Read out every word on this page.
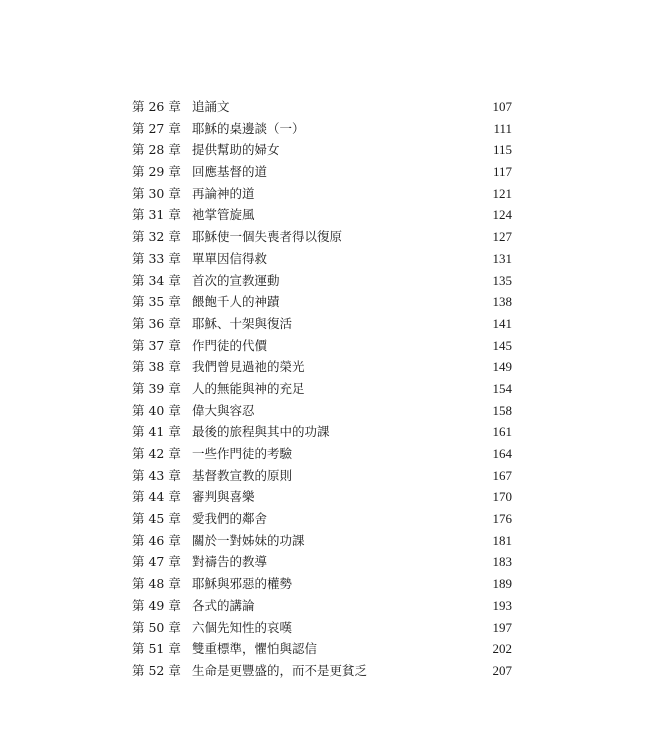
第 26 章 追誦文	107
第 27 章 耶穌的桌邊談（一）	111
第 28 章 提供幫助的婦女	115
第 29 章 回應基督的道	117
第 30 章 再論神的道	121
第 31 章 祂掌管旋風	124
第 32 章 耶穌使一個失喪者得以復原	127
第 33 章 單單因信得救	131
第 34 章 首次的宣教運動	135
第 35 章 餵飽千人的神蹟	138
第 36 章 耶穌、十架與復活	141
第 37 章 作門徒的代價	145
第 38 章 我們曾見過祂的榮光	149
第 39 章 人的無能與神的充足	154
第 40 章 偉大與容忍	158
第 41 章 最後的旅程與其中的功課	161
第 42 章 一些作門徒的考驗	164
第 43 章 基督教宣教的原則	167
第 44 章 審判與喜樂	170
第 45 章 愛我們的鄰舍	176
第 46 章 關於一對姊妹的功課	181
第 47 章 對禱告的教導	183
第 48 章 耶穌與邪惡的權勢	189
第 49 章 各式的講論	193
第 50 章 六個先知性的哀嘆	197
第 51 章 雙重標準，懼怕與認信	202
第 52 章 生命是更豐盛的，而不是更貧乏	207
